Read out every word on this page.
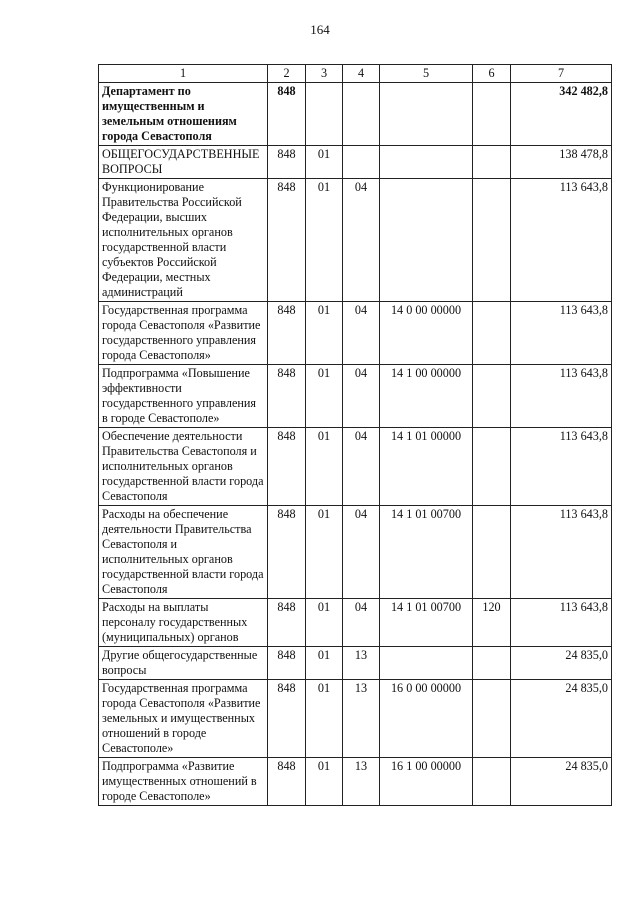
164
1	2	3	4	5	6	7
Департамент по имущественным и земельным отношениям города Севастополя	848					342 482,8
ОБЩЕГОСУДАРСТВЕННЫЕ ВОПРОСЫ	848	01				138 478,8
Функционирование Правительства Российской Федерации, высших исполнительных органов государственной власти субъектов Российской Федерации, местных администраций	848	01	04			113 643,8
Государственная программа города Севастополя «Развитие государственного управления города Севастополя»	848	01	04	14 0 00 00000		113 643,8
Подпрограмма «Повышение эффективности государственного управления в городе Севастополе»	848	01	04	14 1 00 00000		113 643,8
Обеспечение деятельности Правительства Севастополя и исполнительных органов государственной власти города Севастополя	848	01	04	14 1 01 00000		113 643,8
Расходы на обеспечение деятельности Правительства Севастополя и исполнительных органов государственной власти города Севастополя	848	01	04	14 1 01 00700		113 643,8
Расходы на выплаты персоналу государственных (муниципальных) органов	848	01	04	14 1 01 00700	120	113 643,8
Другие общегосударственные вопросы	848	01	13			24 835,0
Государственная программа города Севастополя «Развитие земельных и имущественных отношений в городе Севастополе»	848	01	13	16 0 00 00000		24 835,0
Подпрограмма «Развитие имущественных отношений в городе Севастополе»	848	01	13	16 1 00 00000		24 835,0
